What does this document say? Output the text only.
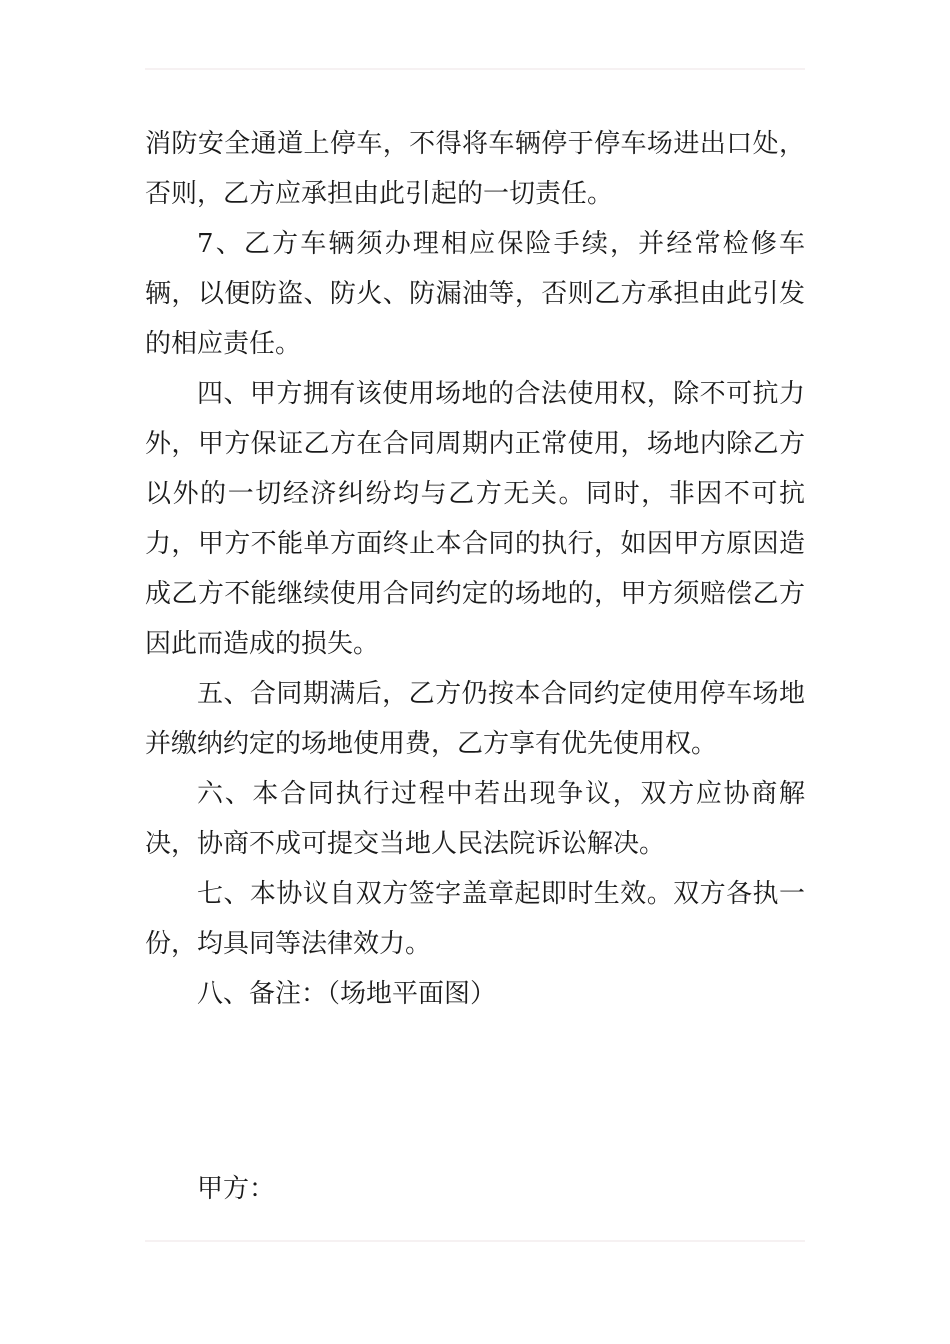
消防安全通道上停车，不得将车辆停于停车场进出口处，否则，乙方应承担由此引起的一切责任。

7、乙方车辆须办理相应保险手续，并经常检修车辆，以便防盗、防火、防漏油等，否则乙方承担由此引发的相应责任。

四、甲方拥有该使用场地的合法使用权，除不可抗力外，甲方保证乙方在合同周期内正常使用，场地内除乙方以外的一切经济纠纷均与乙方无关。同时，非因不可抗力，甲方不能单方面终止本合同的执行，如因甲方原因造成乙方不能继续使用合同约定的场地的，甲方须赔偿乙方因此而造成的损失。

五、合同期满后，乙方仍按本合同约定使用停车场地并缴纳约定的场地使用费，乙方享有优先使用权。

六、本合同执行过程中若出现争议，双方应协商解决，协商不成可提交当地人民法院诉讼解决。

七、本协议自双方签字盖章起即时生效。双方各执一份，均具同等法律效力。

八、备注：（场地平面图）

甲方：
